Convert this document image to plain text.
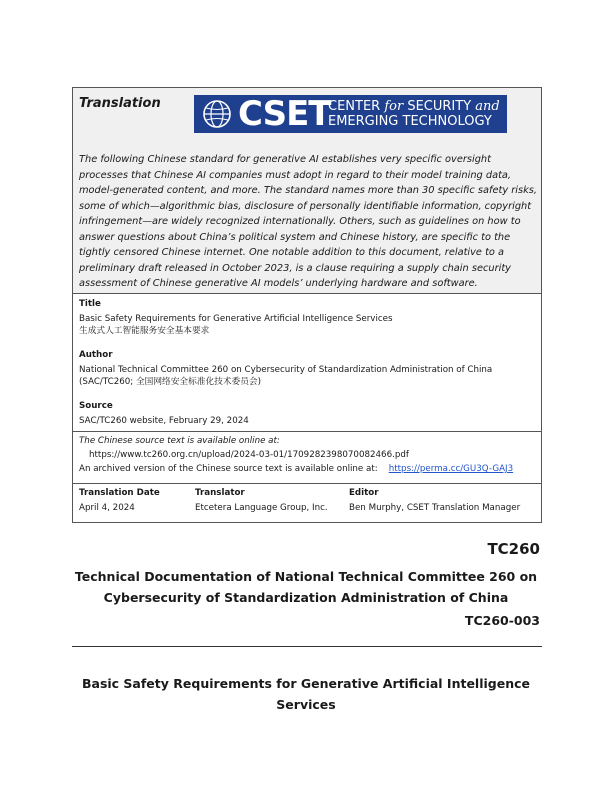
Translation CSET
CENTER for SECURITY and
EMERGING TECHNOLOGY
The following Chinese standard for generative AI establishes very specific oversight processes that Chinese AI companies must adopt in regard to their model training data, model-generated content, and more. The standard names more than 30 specific safety risks, some of which—algorithmic bias, disclosure of personally identifiable information, copyright infringement—are widely recognized internationally. Others, such as guidelines on how to answer questions about China’s political system and Chinese history, are specific to the tightly censored Chinese internet. One notable addition to this document, relative to a preliminary draft released in October 2023, is a clause requiring a supply chain security assessment of Chinese generative AI models’ underlying hardware and software.
Title
Basic Safety Requirements for Generative Artificial Intelligence Services
生成式人工智能服务安全基本要求
Author
National Technical Committee 260 on Cybersecurity of Standardization Administration of China (SAC/TC260; 全国网络安全标准化技术委员会)
Source
SAC/TC260 website, February 29, 2024
The Chinese source text is available online at:
https://www.tc260.org.cn/upload/2024-03-01/1709282398070082466.pdf
An archived version of the Chinese source text is available online at: https://perma.cc/GU3Q-GAJ3
Translation Date
April 4, 2024
Translator
Etcetera Language Group, Inc.
Editor
Ben Murphy, CSET Translation Manager
TC260
Technical Documentation of National Technical Committee 260 on Cybersecurity of Standardization Administration of China
TC260-003
Basic Safety Requirements for Generative Artificial Intelligence Services
